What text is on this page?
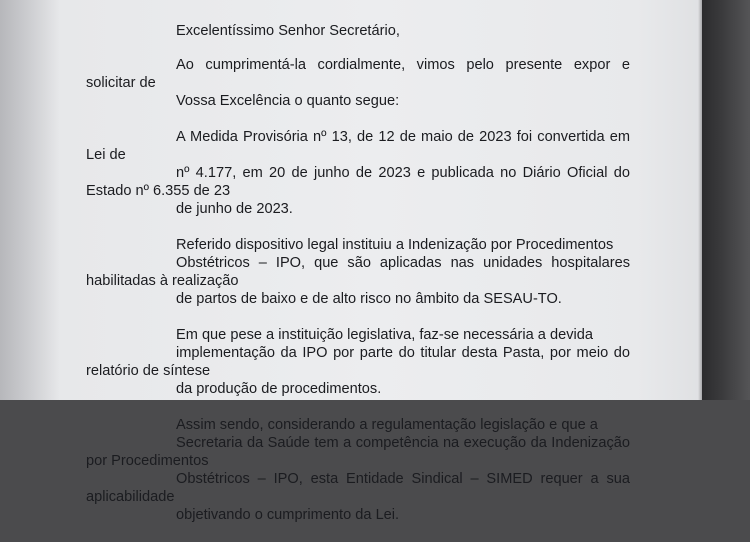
Excelentíssimo Senhor Secretário,

Ao cumprimentá-la cordialmente, vimos pelo presente expor e solicitar de
Vossa Excelência o quanto segue:

A Medida Provisória nº 13, de 12 de maio de 2023 foi convertida em Lei de
nº 4.177, em 20 de junho de 2023 e publicada no Diário Oficial do Estado nº 6.355 de 23
de junho de 2023.

Referido dispositivo legal instituiu a Indenização por Procedimentos
Obstétricos – IPO, que são aplicadas nas unidades hospitalares habilitadas à realização
de partos de baixo e de alto risco no âmbito da SESAU-TO.

Em que pese a instituição legislativa, faz-se necessária a devida
implementação da IPO por parte do titular desta Pasta, por meio do relatório de síntese
da produção de procedimentos.

Assim sendo, considerando a regulamentação legislação e que a
Secretaria da Saúde tem a competência na execução da Indenização por Procedimentos
Obstétricos – IPO, esta Entidade Sindical – SIMED requer a sua aplicabilidade
objetivando o cumprimento da Lei.
